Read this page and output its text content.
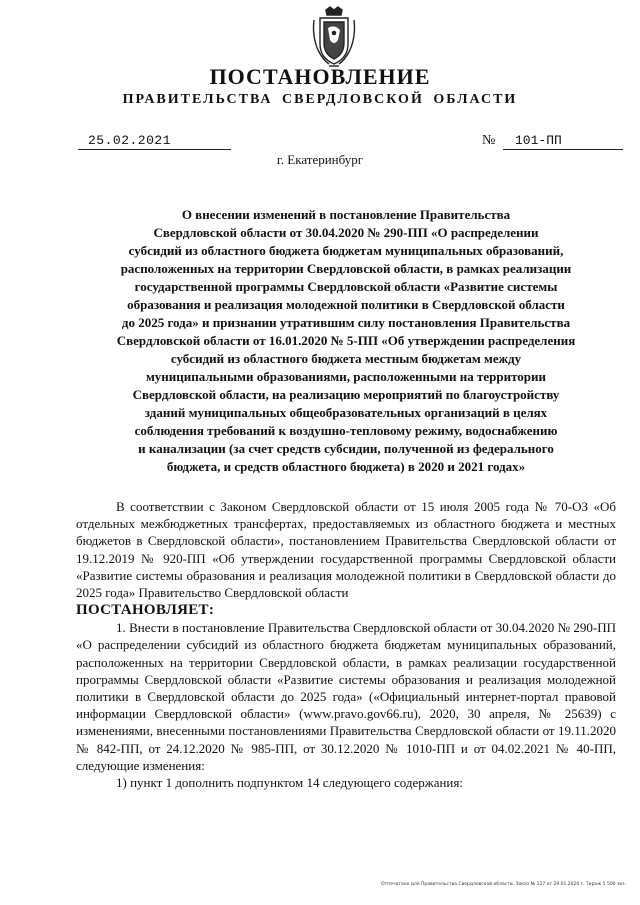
ПОСТАНОВЛЕНИЕ
ПРАВИТЕЛЬСТВА СВЕРДЛОВСКОЙ ОБЛАСТИ
25.02.2021	№	101-ПП
г. Екатеринбург
О внесении изменений в постановление Правительства
Свердловской области от 30.04.2020 № 290-ПП «О распределении
субсидий из областного бюджета бюджетам муниципальных образований,
расположенных на территории Свердловской области, в рамках реализации
государственной программы Свердловской области «Развитие системы
образования и реализация молодежной политики в Свердловской области
до 2025 года» и признании утратившим силу постановления Правительства
Свердловской области от 16.01.2020 № 5-ПП «Об утверждении распределения
субсидий из областного бюджета местным бюджетам между
муниципальными образованиями, расположенными на территории
Свердловской области, на реализацию мероприятий по благоустройству
зданий муниципальных общеобразовательных организаций в целях
соблюдения требований к воздушно-тепловому режиму, водоснабжению
и канализации (за счет средств субсидии, полученной из федерального
бюджета, и средств областного бюджета) в 2020 и 2021 годах»

В соответствии с Законом Свердловской области от 15 июля 2005 года № 70-ОЗ «Об отдельных межбюджетных трансфертах, предоставляемых из областного бюджета и местных бюджетов в Свердловской области», постановлением Правительства Свердловской области от 19.12.2019 № 920-ПП «Об утверждении государственной программы Свердловской области «Развитие системы образования и реализация молодежной политики в Свердловской области до 2025 года» Правительство Свердловской области

ПОСТАНОВЛЯЕТ:

1. Внести в постановление Правительства Свердловской области от 30.04.2020 № 290-ПП «О распределении субсидий из областного бюджета бюджетам муниципальных образований, расположенных на территории Свердловской области, в рамках реализации государственной программы Свердловской области «Развитие системы образования и реализация молодежной политики в Свердловской области до 2025 года» («Официальный интернет-портал правовой информации Свердловской области» (www.pravo.gov66.ru), 2020, 30 апреля, № 25639) с изменениями, внесенными постановлениями Правительства Свердловской области от 19.11.2020 № 842-ПП, от 24.12.2020 № 985-ПП, от 30.12.2020 № 1010-ПП и от 04.02.2021 № 40-ПП, следующие изменения:

1) пункт 1 дополнить подпунктом 14 следующего содержания:

Отпечатано для Правительства Свердловской области. Заказ № 127 от 29.01.2020 г. Тираж 1 500 экз.
